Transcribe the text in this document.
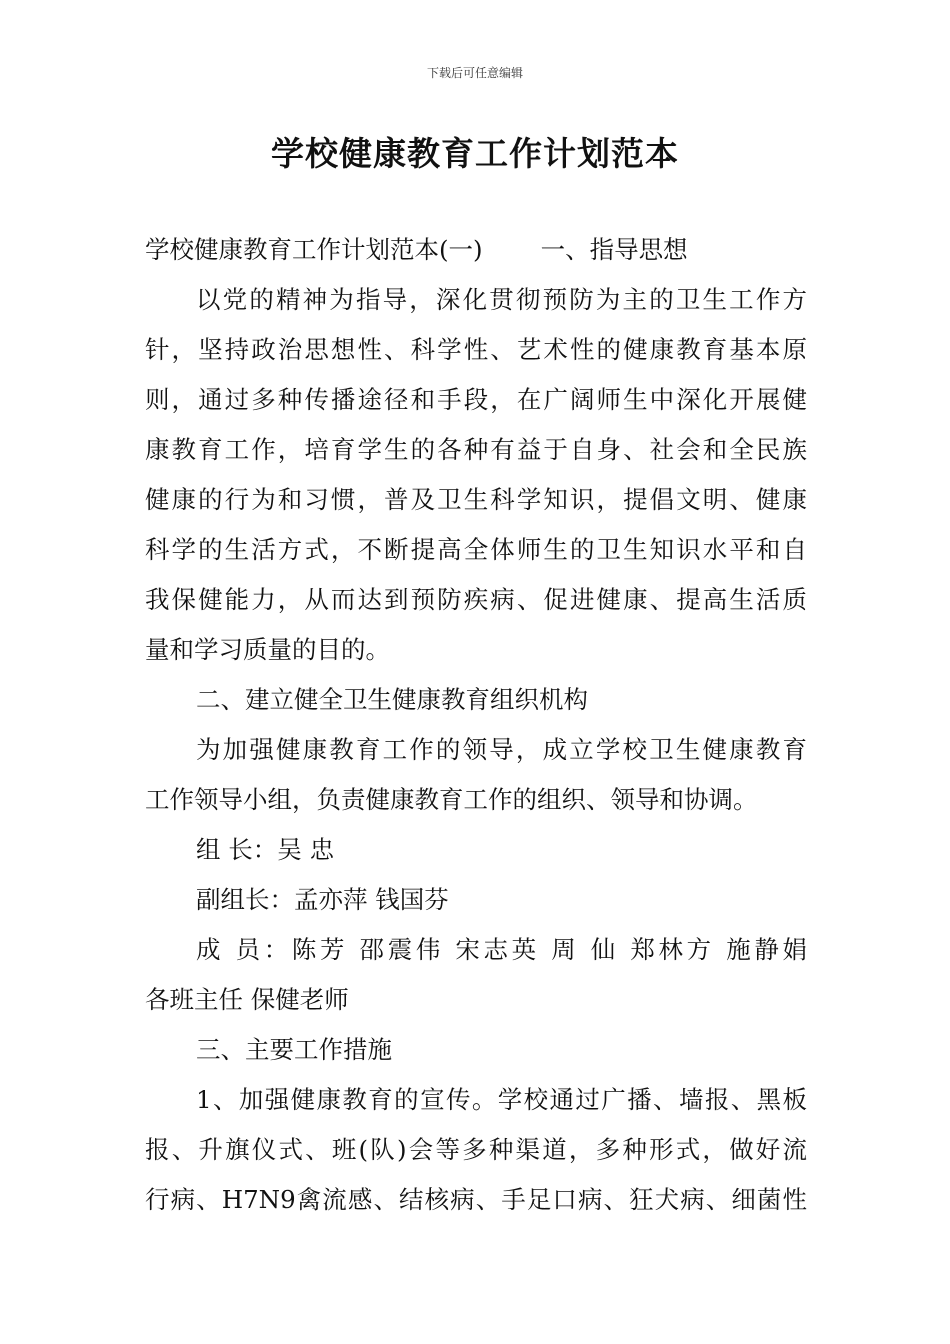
下载后可任意编辑
学校健康教育工作计划范本
学校健康教育工作计划范本(一) 一、指导思想
以党的精神为指导，深化贯彻预防为主的卫生工作方
针，坚持政治思想性、科学性、艺术性的健康教育基本原
则，通过多种传播途径和手段，在广阔师生中深化开展健
康教育工作，培育学生的各种有益于自身、社会和全民族
健康的行为和习惯，普及卫生科学知识，提倡文明、健康
科学的生活方式，不断提高全体师生的卫生知识水平和自
我保健能力，从而达到预防疾病、促进健康、提高生活质
量和学习质量的目的。
二、建立健全卫生健康教育组织机构
为加强健康教育工作的领导，成立学校卫生健康教育
工作领导小组，负责健康教育工作的组织、领导和协调。
组 长：吴 忠
副组长：孟亦萍 钱国芬
成 员：陈芳 邵震伟 宋志英 周 仙 郑林方 施静娟
各班主任 保健老师
三、主要工作措施
1、加强健康教育的宣传。学校通过广播、墙报、黑板
报、升旗仪式、班(队)会等多种渠道，多种形式，做好流
行病、H7N9禽流感、结核病、手足口病、狂犬病、细菌性
